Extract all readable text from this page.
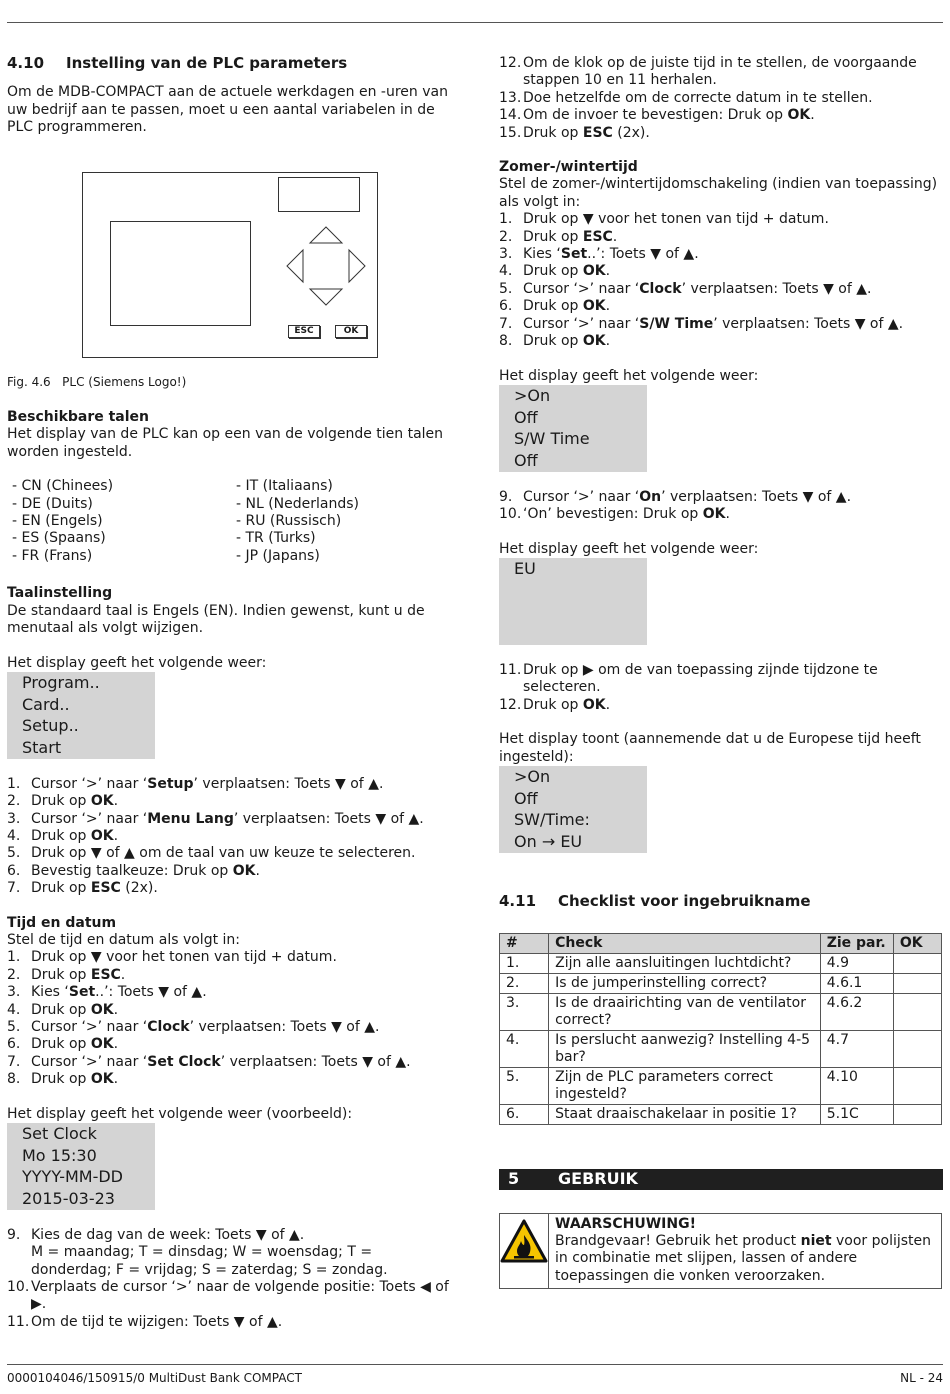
4.10 Instelling van de PLC parameters

Om de MDB-COMPACT aan de actuele werkdagen en -uren van uw bedrijf aan te passen, moet u een aantal variabelen in de PLC programmeren.

ESC	OK

Fig. 4.6 PLC (Siemens Logo!)

Beschikbare talen

Het display van de PLC kan op een van de volgende tien talen worden ingesteld.

- CN (Chinees)
- DE (Duits)
- EN (Engels)
- ES (Spaans)
- FR (Frans)
- IT (Italiaans)
- NL (Nederlands)
- RU (Russisch)
- TR (Turks)
- JP (Japans)

Taalinstelling

De standaard taal is Engels (EN). Indien gewenst, kunt u de menutaal als volgt wijzigen.

Het display geeft het volgende weer:

Program..
Card..
Setup..
Start
1. Cursor ‘>’ naar ‘Setup’ verplaatsen: Toets ▼ of ▲.
2. Druk op OK.
3. Cursor ‘>’ naar ‘Menu Lang’ verplaatsen: Toets ▼ of ▲.
4. Druk op OK.
5. Druk op ▼ of ▲ om de taal van uw keuze te selecteren.
6. Bevestig taalkeuze: Druk op OK.
7. Druk op ESC (2x).

Tijd en datum

Stel de tijd en datum als volgt in:

1. Druk op ▼ voor het tonen van tijd + datum.
2. Druk op ESC.
3. Kies ‘Set..’: Toets ▼ of ▲.
4. Druk op OK.
5. Cursor ‘>’ naar ‘Clock’ verplaatsen: Toets ▼ of ▲.
6. Druk op OK.
7. Cursor ‘>’ naar ‘Set Clock’ verplaatsen: Toets ▼ of ▲.
8. Druk op OK.

Het display geeft het volgende weer (voorbeeld):

Set Clock
Mo 15:30
YYYY-MM-DD
2015-03-23
9. Kies de dag van de week: Toets ▼ of ▲.
M = maandag; T = dinsdag; W = woensdag; T = donderdag; F = vrijdag; S = zaterdag; S = zondag.
10. Verplaats de cursor ‘>’ naar de volgende positie: Toets ◀ of ▶.
11. Om de tijd te wijzigen: Toets ▼ of ▲.
12. Om de klok op de juiste tijd in te stellen, de voorgaande stappen 10 en 11 herhalen.
13. Doe hetzelfde om de correcte datum in te stellen.
14. Om de invoer te bevestigen: Druk op OK.
15. Druk op ESC (2x).

Zomer-/wintertijd

Stel de zomer-/wintertijdomschakeling (indien van toepassing) als volgt in:

1. Druk op ▼ voor het tonen van tijd + datum.
2. Druk op ESC.
3. Kies ‘Set..’: Toets ▼ of ▲.
4. Druk op OK.
5. Cursor ‘>’ naar ‘Clock’ verplaatsen: Toets ▼ of ▲.
6. Druk op OK.
7. Cursor ‘>’ naar ‘S/W Time’ verplaatsen: Toets ▼ of ▲.
8. Druk op OK.

Het display geeft het volgende weer:

>On
Off
S/W Time
Off
9. Cursor ‘>’ naar ‘On’ verplaatsen: Toets ▼ of ▲.
10. ‘On’ bevestigen: Druk op OK.

Het display geeft het volgende weer:

EU
11. Druk op ▶ om de van toepassing zijnde tijdzone te selecteren.
12. Druk op OK.

Het display toont (aannemende dat u de Europese tijd heeft ingesteld):

>On
Off
SW/Time:
On → EU
4.11 Checklist voor ingebruikname
#	Check	Zie par.	OK
1.	Zijn alle aansluitingen luchtdicht?	4.9	
2.	Is de jumperinstelling correct?	4.6.1	
3.	Is de draairichting van de ventilator correct?	4.6.2	
4.	Is perslucht aanwezig? Instelling 4-5 bar?	4.7	
5.	Zijn de PLC parameters correct ingesteld?	4.10	
6.	Staat draaischakelaar in positie 1?	5.1C	
5 GEBRUIK

WAARSCHUWING!

Brandgevaar! Gebruik het product niet voor polijsten in combinatie met slijpen, lassen of andere toepassingen die vonken veroorzaken.

0000104046/150915/0 MultiDust Bank COMPACT	NL - 24
